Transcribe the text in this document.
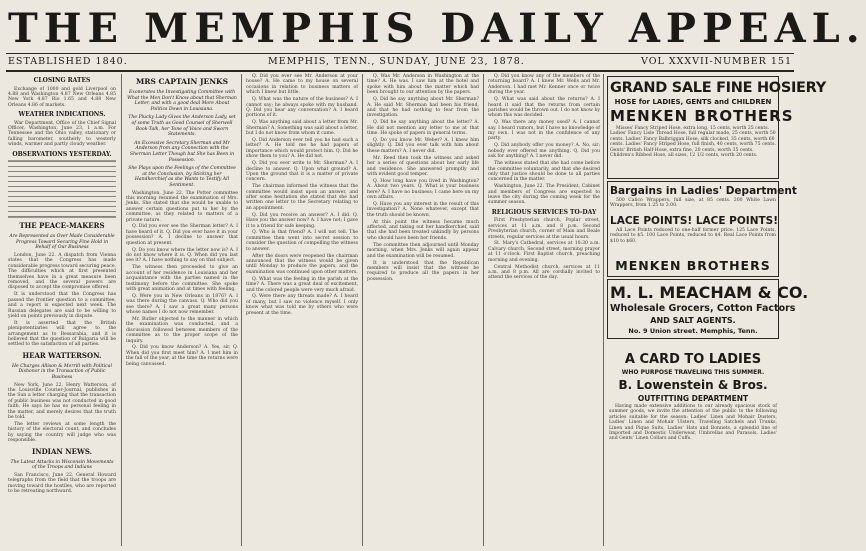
THE MEMPHIS DAILY APPEAL.
ESTABLISHED 1840.	MEMPHIS, TENN., SUNDAY, JUNE 23, 1878.	VOL XXXVII-NUMBER 151
CLOSING RATES

Exchange of 1000 and gold Liverpool on 4.88 and Washington 4.87 New Orleans 4.85 New York 4.87 Rio 1.65 and 4.88 New Orleans 4.86 of markets.

WEATHER INDICATIONS.

War Department, Office of the Chief Signal Officer, Washington, June 23, 1 a.m. For Tennessee and the Ohio valley, stationary or falling barometer, southerly to westerly winds, warmer and partly cloudy weather.

OBSERVATIONS YESTERDAY.
THE PEACE-MAKERS
Are Represented as Over Made Considerable Progress Toward Securing Fine Hold in Behalf of Our Business

London, June 22. A dispatch from Vienna states that the Congress has made considerable progress toward securing peace. The difficulties which at first presented themselves have in a great measure been removed, and the several powers are disposed to accept the compromise offered.

It is understood that the Congress has passed the frontier question to a committee, and a report is expected next week. The Russian delegates are said to be willing to yield on points previously in dispute.

It is asserted that the British plenipotentiaries will agree to the arrangement as to Bessarabia, and it is believed that the question of Bulgaria will be settled to the satisfaction of all parties.

HEAR WATTERSON.
He Charges Allison & Merrill with Political Dishonor in the Transaction of Public Business

New York, June 22. Henry Watterson, of the Louisville Courier-Journal, publishes in the Sun a letter charging that the transaction of public business was not conducted in good faith. He says he has no personal feeling in the matter, and merely desires that the truth be told.

The letter reviews at some length the history of the electoral count, and concludes by saying the country will judge who was responsible.

INDIAN NEWS.
The Latest Attacks in Wisconsin Movements of the Troops and Indians

San Francisco, June 22. General Howard telegraphs from the field that the troops are moving toward the hostiles, who are reported to be retreating northward.

MRS CAPTAIN JENKS
Exonerates the Investigating Committee with What the Men Don't Know about that Sherman Letter, and with a good deal More About Politics Down in Louisiana.
The Plucky Lady Gives the Anderson Lady, set of some Truth as Good Counsel of Sherwell Book-Talk, her Tone of Voice and Sworn Statements.
An Excessive Secretary Sherman and Mr Anderson from any Connection with the Sherman Letter Though but She has Been in Possession.
She Plays upon the Feelings of the Committee at the Conclusion, by Sticking her Handkerchief as she Wants to Testify All Sentiment.

Washington, June 22. The Potter committee this morning resumed the examination of Mrs. Jenks. She stated that she would be unable to answer certain questions put to her by the committee, as they related to matters of a private nature.

Q. Did you ever see the Sherman letter? A. I have heard of it. Q. Did you ever have it in your possession? A. I decline to answer that question at present.

Q. Do you know where the letter now is? A. I do not know where it is. Q. When did you last see it? A. I have nothing to say on that subject.

The witness then proceeded to give an account of her residence in Louisiana and her acquaintance with the parties named in the testimony before the committee. She spoke with great animation and at times with feeling.

Q. Were you in New Orleans in 1876? A. I was there during the canvass. Q. Who did you see there? A. I saw a great many persons whose names I do not now remember.

Mr. Butler objected to the manner in which the examination was conducted, and a discussion followed between members of the committee as to the proper scope of the inquiry.

Q. Did you know Anderson? A. Yes, sir. Q. When did you first meet him? A. I met him in the fall of the year, at the time the returns were being canvassed.

Q. Did you ever see Mr. Anderson at your house? A. He came to my house on several occasions in relation to business matters of which I knew but little.

Q. What was the nature of the business? A. I cannot say; he always spoke with my husband. Q. Did you hear any conversation? A. I heard portions of it.

Q. Was anything said about a letter from Mr. Sherman? A. Something was said about a letter, but I do not know from whom it came.

Q. Did Anderson ever tell you he had such a letter? A. He told me he had papers of importance which would protect him. Q. Did he show them to you? A. He did not.

Q. Did you ever write to Mr. Sherman? A. I decline to answer. Q. Upon what ground? A. Upon the ground that it is a matter of private concern.

The chairman informed the witness that the committee would insist upon an answer, and after some hesitation she stated that she had written one letter to the Secretary relating to an appointment.

Q. Did you receive an answer? A. I did. Q. Have you the answer now? A. I have not; I gave it to a friend for safe keeping.

Q. Who is that friend? A. I will not tell. The committee then went into secret session to consider the question of compelling the witness to answer.

After the doors were reopened the chairman announced that the witness would be given until Monday to produce the papers, and the examination was continued upon other matters.

Q. What was the feeling in the parish at the time? A. There was a great deal of excitement, and the colored people were very much afraid.

Q. Were there any threats made? A. I heard of many, but I saw no violence myself. I only know what was told me by others who were present at the time.

Q. Was Mr. Anderson in Washington at the time? A. He was. I saw him at the hotel and spoke with him about the matter which had been brought to our attention by the papers.

Q. Did he say anything about Mr. Sherman? A. He said Mr. Sherman had been his friend, and that he had nothing to fear from the investigation.

Q. Did he say anything about the letter? A. He did not mention any letter to me at that time. He spoke of papers in general terms.

Q. Do you know Mr. Weber? A. I knew him slightly. Q. Did you ever talk with him about these matters? A. I never did.

Mr. Reed then took the witness and asked her a series of questions about her early life and residence. She answered promptly and with evident good temper.

Q. How long have you lived in Washington? A. About two years. Q. What is your business here? A. I have no business; I came here on my own affairs.

Q. Have you any interest in the result of this investigation? A. None whatever, except that the truth should be known.

At this point the witness became much affected, and taking out her handkerchief, said that she had been treated unkindly by persons who should have been her friends.

The committee then adjourned until Monday morning, when Mrs. Jenks will again appear and the examination will be resumed.

It is understood that the Republican members will insist that the witness be required to produce all the papers in her possession.

Q. Did you know any of the members of the returning board? A. I knew Mr. Wells and Mr. Anderson. I had met Mr. Kenner once or twice during the year.

Q. What was said about the returns? A. I heard it said that the returns from certain parishes would be thrown out. I do not know by whom this was decided.

Q. Was there any money used? A. I cannot say. I heard rumors, but I have no knowledge of my own. I was not in the confidence of any party.

Q. Did anybody offer you money? A. No, sir; nobody ever offered me anything. Q. Did you ask for anything? A. I never did.

The witness stated that she had come before the committee voluntarily, and that she desired only that justice should be done to all parties concerned in the matter.

Washington, June 22. The President, Cabinet and members of Congress are expected to leave the city during the coming week for the summer season.

RELIGIOUS SERVICES TO-DAY

First Presbyterian church, Poplar street, services at 11 a.m. and 8 p.m. Second Presbyterian church, corner of Main and Beale streets, regular services at the usual hours.

St. Mary's Cathedral, services at 10:30 a.m. Calvary church, Second street, morning prayer at 11 o'clock. First Baptist church, preaching morning and evening.

Central Methodist church, services at 11 a.m. and 8 p.m. All are cordially invited to attend the services of the day.

GRAND SALE FINE HOSIERY
HOSE for LADIES, GENTS and CHILDREN
MENKEN BROTHERS

Misses' Fancy Striped Hose, extra long, 15 cents, worth 25 cents. Ladies' Fancy Lisle Thread Hose, full regular made, 25 cents, worth 50 cents. Ladies' Fancy Balbriggan Hose, silk clocked, 35 cents, worth 60 cents. Ladies' Fancy Striped Hose, full finish, 40 cents, worth 75 cents. Gents' British Half-Hose, extra fine, 20 cents, worth 35 cents. Children's Ribbed Hose, all sizes, 12 1/2 cents, worth 20 cents.

Bargains in Ladies' Department

500 Calico Wrappers, full size, at 85 cents. 200 White Lawn Wrappers, from 1.25 to 3.00.

LACE POINTS! LACE POINTS!

All Lace Points reduced to one-half former price. 125 Lace Points, reduced to $5. 100 Lace Points, reduced to $4. Real Lace Points from $10 to $60.

MENKEN BROTHERS
M. L. MEACHAM & CO.
Wholesale Grocers, Cotton Factors
AND SALT AGENTS.
No. 9 Union street. Memphis, Tenn.
A CARD TO LADIES
WHO PURPOSE TRAVELING THIS SUMMER.
B. Lowenstein & Bros.
OUTFITTING DEPARTMENT

Having made extensive additions to our already spacious stock of summer goods, we invite the attention of the public to the following articles suitable for the season: Ladies' Linen and Mohair Dusters, Ladies' Linen and Mohair Ulsters, Traveling Satchels and Trunks, Linen and Pique Suits, Ladies' Hats and Bonnets, a splendid line of Imported and Domestic Underwear, Umbrellas and Parasols, Ladies' and Gents' Linen Collars and Cuffs.
